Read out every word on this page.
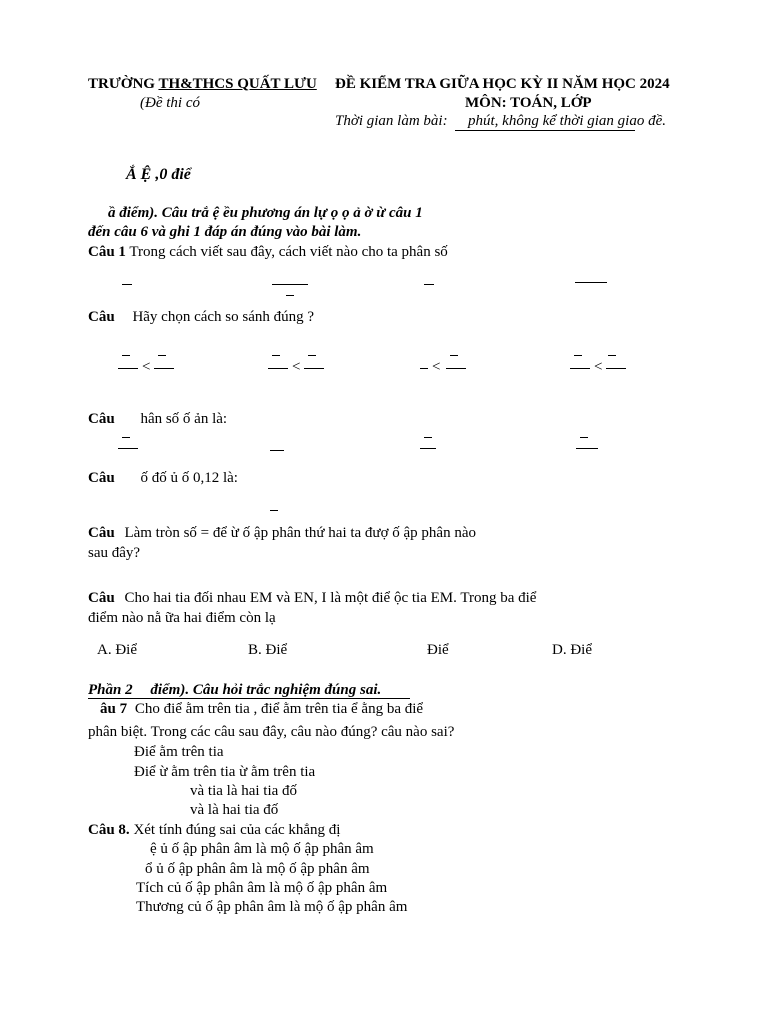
TRƯỜNG TH&THCS QUẤT LƯU ĐỀ KIỂM TRA GIỮA HỌC KỲ II NĂM HỌC 2024
(Đề thi có	MÔN: TOÁN, LỚP
Thời gian làm bài: phút, không kể thời gian giao đề.
Ắ Ệ ,0 điể
ầ điểm). Câu trắ ệ ều phương án lự ọ ọ ả ờ ừ câu 1
đến câu 6 và ghi 1 đáp án đúng vào bài làm.
Câu 1 Trong cách viết sau đây, cách viết nào cho ta phân số
Câu Hãy chọn cách so sánh đúng ?
<	<	<	<
Câu hân số ố ản là:
Câu ố đố ủ ố 0,12 là:
Câu Làm tròn số = để ừ ố ập phân thứ hai ta đượ ố ập phân nào
sau đây?
Câu Cho hai tia đối nhau EM và EN, I là một điể ộc tia EM. Trong ba điể
điểm nào nằ ữa hai điểm còn lạ
A. Điể	B. Điể	Điể	D. Điể
Phần 2 điểm). Câu hỏi trắc nghiệm đúng sai.
âu 7 Cho điể ằm trên tia , điể ằm trên tia ể ằng ba điể
phân biệt. Trong các câu sau đây, câu nào đúng? câu nào sai?
Điể ằm trên tia
Điể ừ ằm trên tia ừ ằm trên tia
và tia là hai tia đố
và là hai tia đố
Câu 8. Xét tính đúng sai của các khẳng đị
ệ ủ ố ập phân âm là mộ ố ập phân âm
ổ ủ ố ập phân âm là mộ ố ập phân âm
Tích củ ố ập phân âm là mộ ố ập phân âm
Thương củ ố ập phân âm là mộ ố ập phân âm
